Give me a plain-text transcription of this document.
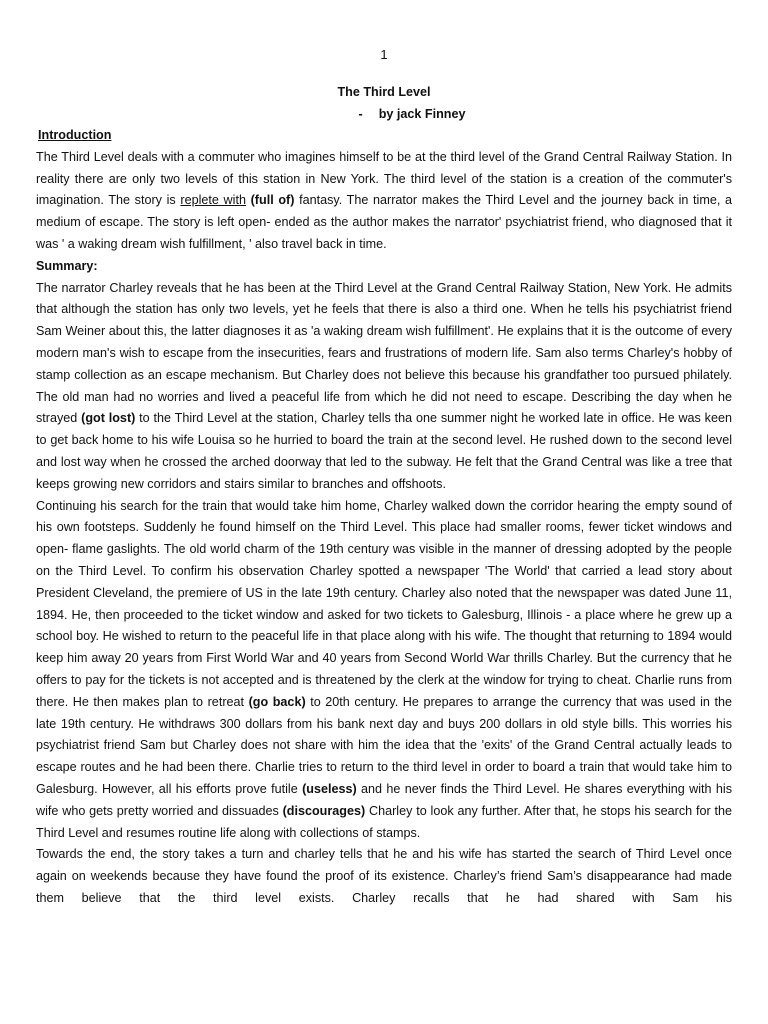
1

The Third Level

- by jack Finney

Introduction

The Third Level deals with a commuter who imagines himself to be at the third level of the Grand Central Railway Station. In reality there are only two levels of this station in New York. The third level of the station is a creation of the commuter's imagination. The story is replete with (full of) fantasy. The narrator makes the Third Level and the journey back in time, a medium of escape. The story is left open- ended as the author makes the narrator' psychiatrist friend, who diagnosed that it was ' a waking dream wish fulfillment, ' also travel back in time.

Summary:

The narrator Charley reveals that he has been at the Third Level at the Grand Central Railway Station, New York. He admits that although the station has only two levels, yet he feels that there is also a third one. When he tells his psychiatrist friend Sam Weiner about this, the latter diagnoses it as 'a waking dream wish fulfillment'. He explains that it is the outcome of every modern man's wish to escape from the insecurities, fears and frustrations of modern life. Sam also terms Charley's hobby of stamp collection as an escape mechanism. But Charley does not believe this because his grandfather too pursued philately. The old man had no worries and lived a peaceful life from which he did not need to escape. Describing the day when he strayed (got lost) to the Third Level at the station, Charley tells tha one summer night he worked late in office. He was keen to get back home to his wife Louisa so he hurried to board the train at the second level. He rushed down to the second level and lost way when he crossed the arched doorway that led to the subway. He felt that the Grand Central was like a tree that keeps growing new corridors and stairs similar to branches and offshoots.

Continuing his search for the train that would take him home, Charley walked down the corridor hearing the empty sound of his own footsteps. Suddenly he found himself on the Third Level. This place had smaller rooms, fewer ticket windows and open- flame gaslights. The old world charm of the 19th century was visible in the manner of dressing adopted by the people on the Third Level. To confirm his observation Charley spotted a newspaper 'The World' that carried a lead story about President Cleveland, the premiere of US in the late 19th century. Charley also noted that the newspaper was dated June 11, 1894. He, then proceeded to the ticket window and asked for two tickets to Galesburg, Illinois - a place where he grew up a school boy. He wished to return to the peaceful life in that place along with his wife. The thought that returning to 1894 would keep him away 20 years from First World War and 40 years from Second World War thrills Charley. But the currency that he offers to pay for the tickets is not accepted and is threatened by the clerk at the window for trying to cheat. Charlie runs from there. He then makes plan to retreat (go back) to 20th century. He prepares to arrange the currency that was used in the late 19th century. He withdraws 300 dollars from his bank next day and buys 200 dollars in old style bills. This worries his psychiatrist friend Sam but Charley does not share with him the idea that the 'exits' of the Grand Central actually leads to escape routes and he had been there. Charlie tries to return to the third level in order to board a train that would take him to Galesburg. However, all his efforts prove futile (useless) and he never finds the Third Level. He shares everything with his wife who gets pretty worried and dissuades (discourages) Charley to look any further. After that, he stops his search for the Third Level and resumes routine life along with collections of stamps.

Towards the end, the story takes a turn and charley tells that he and his wife has started the search of Third Level once again on weekends because they have found the proof of its existence. Charley’s friend Sam’s disappearance had made them believe that the third level exists. Charley recalls that he had shared with Sam his
